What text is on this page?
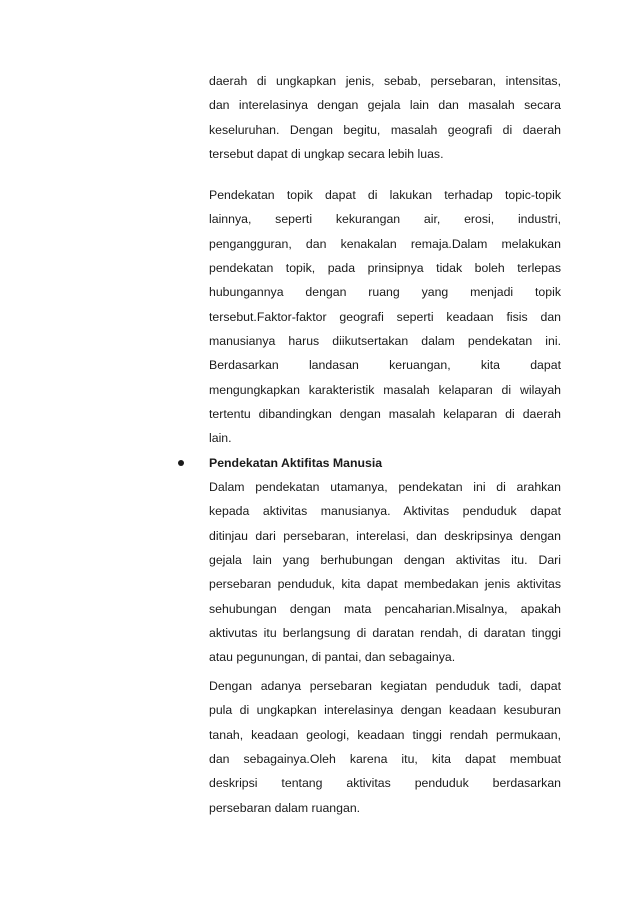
daerah di ungkapkan jenis, sebab, persebaran, intensitas,
dan interelasinya dengan gejala lain dan masalah secara
keseluruhan. Dengan begitu, masalah geografi di daerah
tersebut dapat di ungkap secara lebih luas.
Pendekatan topik dapat di lakukan terhadap topic-topik
lainnya, seperti kekurangan air, erosi, industri,
pengangguran, dan kenakalan remaja.Dalam melakukan
pendekatan topik, pada prinsipnya tidak boleh terlepas
hubungannya dengan ruang yang menjadi topik
tersebut.Faktor-faktor geografi seperti keadaan fisis dan
manusianya harus diikutsertakan dalam pendekatan ini.
Berdasarkan landasan keruangan, kita dapat
mengungkapkan karakteristik masalah kelaparan di wilayah
tertentu dibandingkan dengan masalah kelaparan di daerah
lain.
Pendekatan Aktifitas Manusia
Dalam pendekatan utamanya, pendekatan ini di arahkan
kepada aktivitas manusianya. Aktivitas penduduk dapat
ditinjau dari persebaran, interelasi, dan deskripsinya dengan
gejala lain yang berhubungan dengan aktivitas itu. Dari
persebaran penduduk, kita dapat membedakan jenis aktivitas
sehubungan dengan mata pencaharian.Misalnya, apakah
aktivutas itu berlangsung di daratan rendah, di daratan tinggi
atau pegunungan, di pantai, dan sebagainya.
Dengan adanya persebaran kegiatan penduduk tadi, dapat
pula di ungkapkan interelasinya dengan keadaan kesuburan
tanah, keadaan geologi, keadaan tinggi rendah permukaan,
dan sebagainya.Oleh karena itu, kita dapat membuat
deskripsi tentang aktivitas penduduk berdasarkan
persebaran dalam ruangan.
